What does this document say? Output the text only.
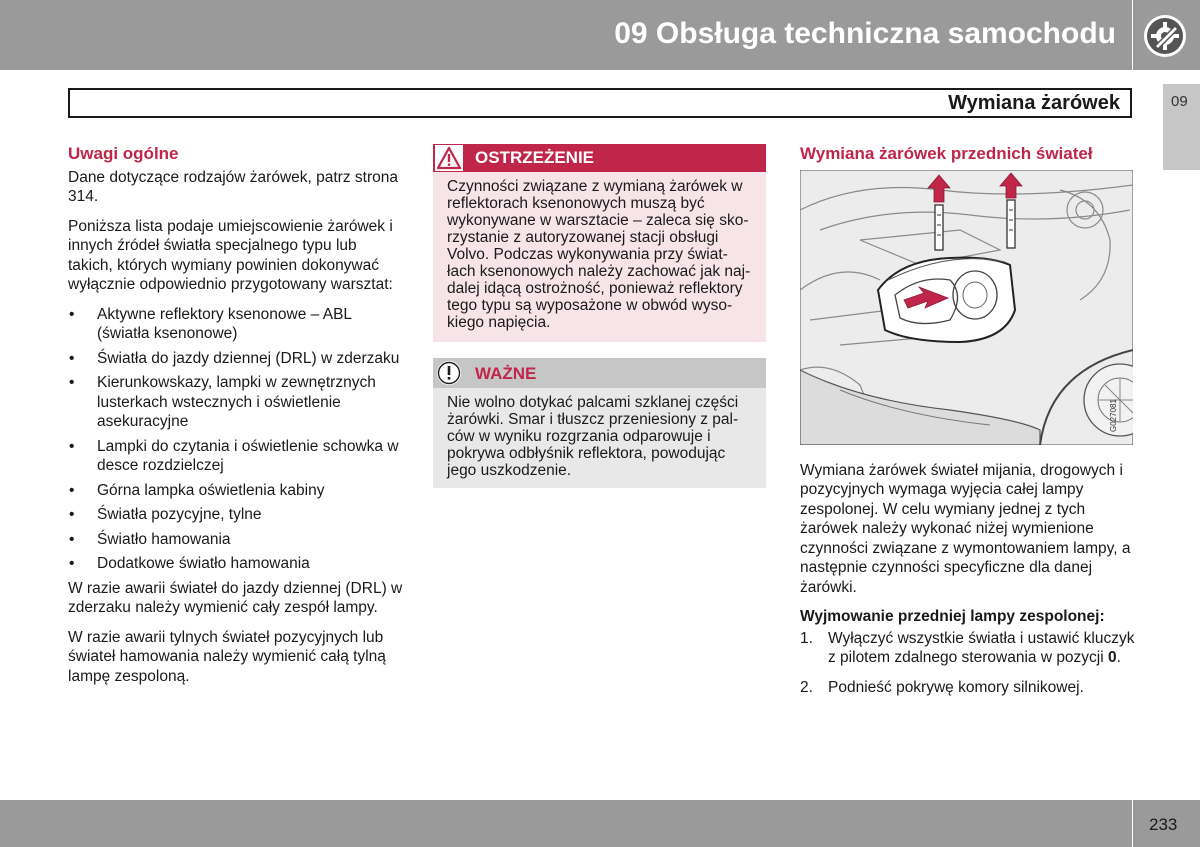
09 Obsługa techniczna samochodu
Wymiana żarówek	09
Uwagi ogólne

Dane dotyczące rodzajów żarówek, patrz strona 314.

Poniższa lista podaje umiejscowienie żarówek i innych źródeł światła specjalnego typu lub takich, których wymiany powinien dokonywać wyłącznie odpowiednio przygotowany warsztat:

• Aktywne reflektory ksenonowe – ABL (światła ksenonowe)
• Światła do jazdy dziennej (DRL) w zderzaku
• Kierunkowskazy, lampki w zewnętrznych lusterkach wstecznych i oświetlenie asekuracyjne
• Lampki do czytania i oświetlenie schowka w desce rozdzielczej
• Górna lampka oświetlenia kabiny
• Światła pozycyjne, tylne
• Światło hamowania
• Dodatkowe światło hamowania

W razie awarii świateł do jazdy dziennej (DRL) w zderzaku należy wymienić cały zespół lampy.

W razie awarii tylnych świateł pozycyjnych lub świateł hamowania należy wymienić całą tylną lampę zespoloną.

OSTRZEŻENIE
Czynności związane z wymianą żarówek w
reflektorach ksenonowych muszą być
wykonywane w warsztacie – zaleca się sko-
rzystanie z autoryzowanej stacji obsługi
Volvo. Podczas wykonywania przy świat-
łach ksenonowych należy zachować jak naj-
dalej idącą ostrożność, ponieważ reflektory
tego typu są wyposażone w obwód wyso-
kiego napięcia.
WAŻNE
Nie wolno dotykać palcami szklanej części
żarówki. Smar i tłuszcz przeniesiony z pal-
ców w wyniku rozgrzania odparowuje i
pokrywa odbłyśnik reflektora, powodując
jego uszkodzenie.
Wymiana żarówek przednich świateł

Wymiana żarówek świateł mijania, drogowych i pozycyjnych wymaga wyjęcia całej lampy zespolonej. W celu wymiany jednej z tych żarówek należy wykonać niżej wymienione czynności związane z wymontowaniem lampy, a następnie czynności specyficzne dla danej żarówki.

Wyjmowanie przedniej lampy zespolonej:
1. Wyłączyć wszystkie światła i ustawić kluczyk z pilotem zdalnego sterowania w pozycji 0.
2. Podnieść pokrywę komory silnikowej.
G027081
233
